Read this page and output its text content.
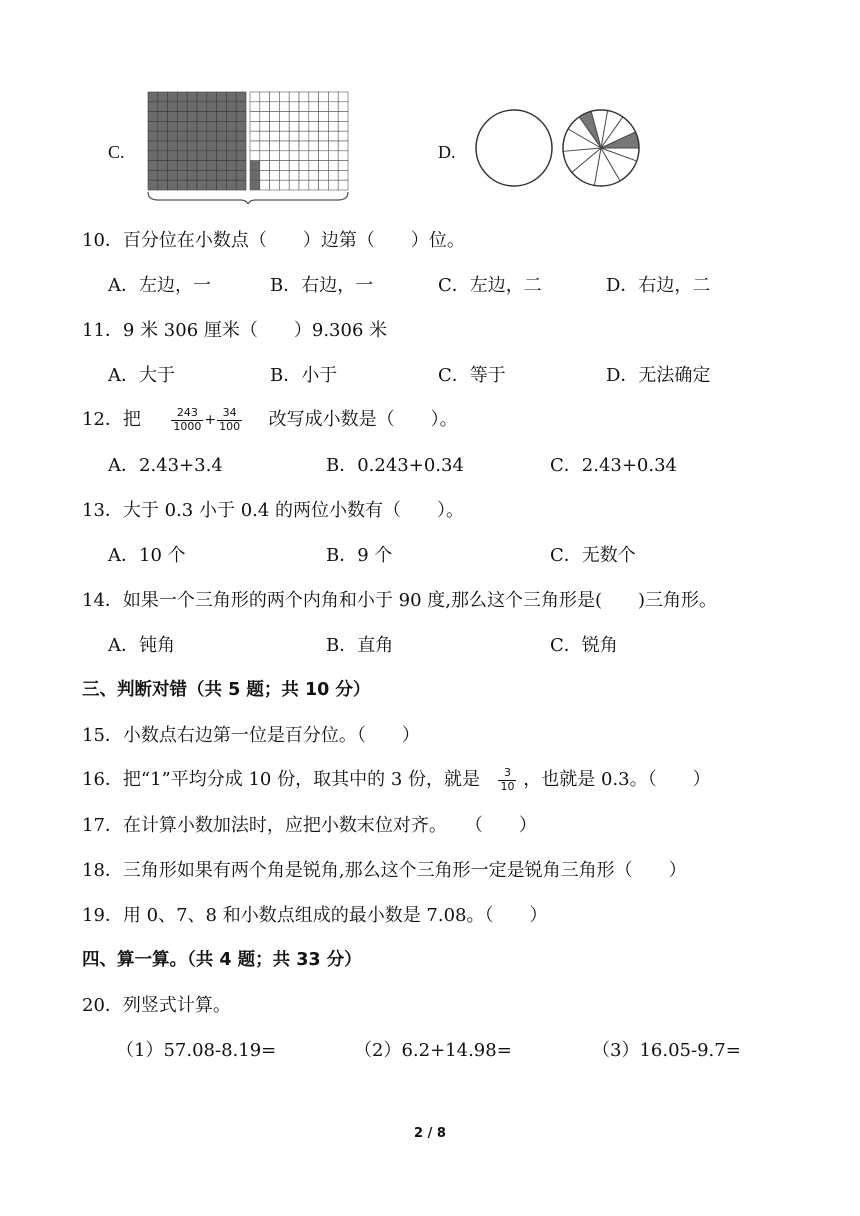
C.	D.
10．百分位在小数点（　　）边第（　　）位。
A．左边，一	B．右边，一	C．左边，二	D．右边，二
11．9 米 306 厘米（　　）9.306 米
A．大于	B．小于	C．等于	D．无法确定
12．把	$\frac{243}{1000} + \frac{34}{100}$ 改写成小数是（　　）。
A．2.43+3.4	B．0.243+0.34	C．2.43+0.34
13．大于 0.3 小于 0.4 的两位小数有（　　）。
A．10 个	B．9 个	C．无数个
14．如果一个三角形的两个内角和小于 90 度,那么这个三角形是(　　)三角形。
A．钝角	B．直角	C．锐角
三、判断对错（共 5 题；共 10 分）
15．小数点右边第一位是百分位。（　　）
16．把“1”平均分成 10 份，取其中的 3 份，就是 $\frac{3}{10}$ ，也就是 0.3。（　　）
17．在计算小数加法时，应把小数末位对齐。　　（　　）
18．三角形如果有两个角是锐角,那么这个三角形一定是锐角三角形（　　）
19．用 0、7、8 和小数点组成的最小数是 7.08。（　　）
四、算一算。（共 4 题；共 33 分）
20．列竖式计算。
（1）57.08-8.19=	（2）6.2+14.98=	（3）16.05-9.7=
2 / 8
